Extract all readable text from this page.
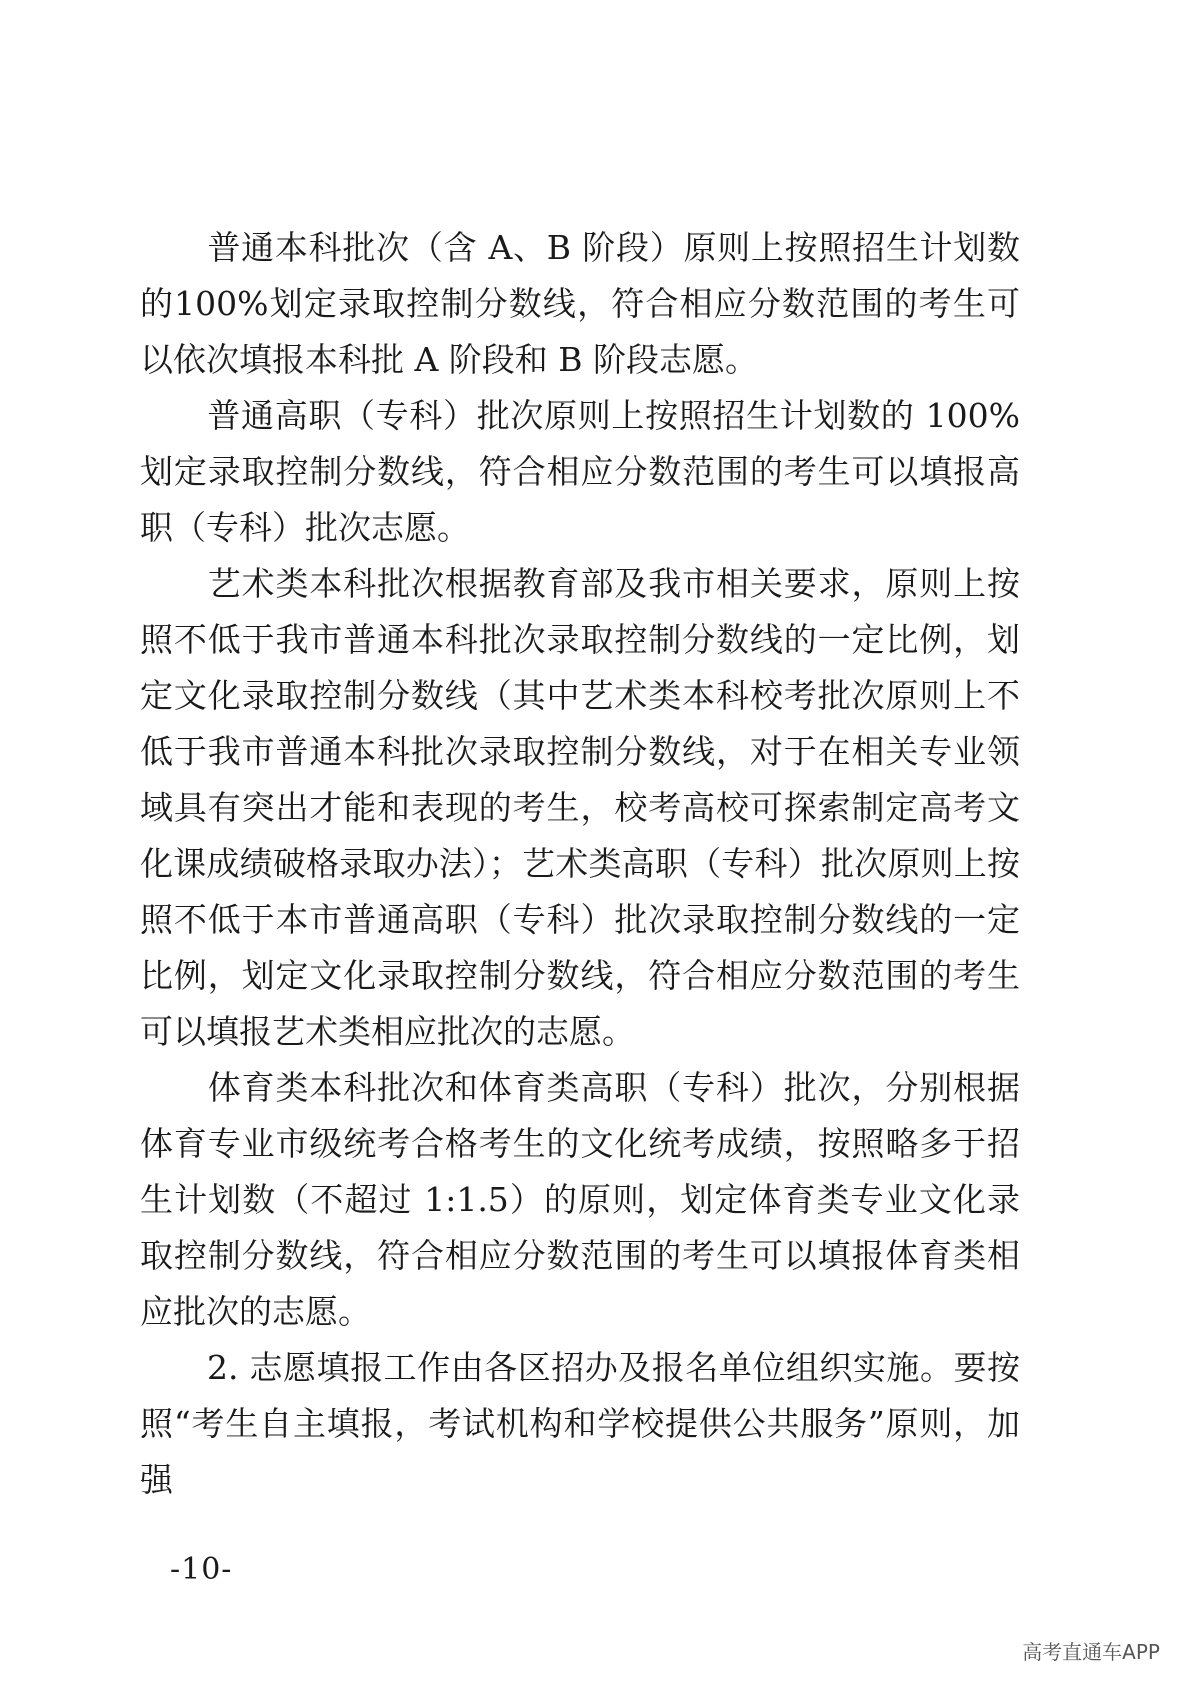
　　普通本科批次（含 A、B 阶段）原则上按照招生计划数的100%划定录取控制分数线，符合相应分数范围的考生可以依次填报本科批 A 阶段和 B 阶段志愿。

　　普通高职（专科）批次原则上按照招生计划数的 100%划定录取控制分数线，符合相应分数范围的考生可以填报高职（专科）批次志愿。

　　艺术类本科批次根据教育部及我市相关要求，原则上按照不低于我市普通本科批次录取控制分数线的一定比例，划定文化录取控制分数线（其中艺术类本科校考批次原则上不低于我市普通本科批次录取控制分数线，对于在相关专业领域具有突出才能和表现的考生，校考高校可探索制定高考文化课成绩破格录取办法）；艺术类高职（专科）批次原则上按照不低于本市普通高职（专科）批次录取控制分数线的一定比例，划定文化录取控制分数线，符合相应分数范围的考生可以填报艺术类相应批次的志愿。

　　体育类本科批次和体育类高职（专科）批次，分别根据体育专业市级统考合格考生的文化统考成绩，按照略多于招生计划数（不超过 1:1.5）的原则，划定体育类专业文化录取控制分数线，符合相应分数范围的考生可以填报体育类相应批次的志愿。

　　2. 志愿填报工作由各区招办及报名单位组织实施。要按照“考生自主填报，考试机构和学校提供公共服务”原则，加强

-10-
高考直通车APP
